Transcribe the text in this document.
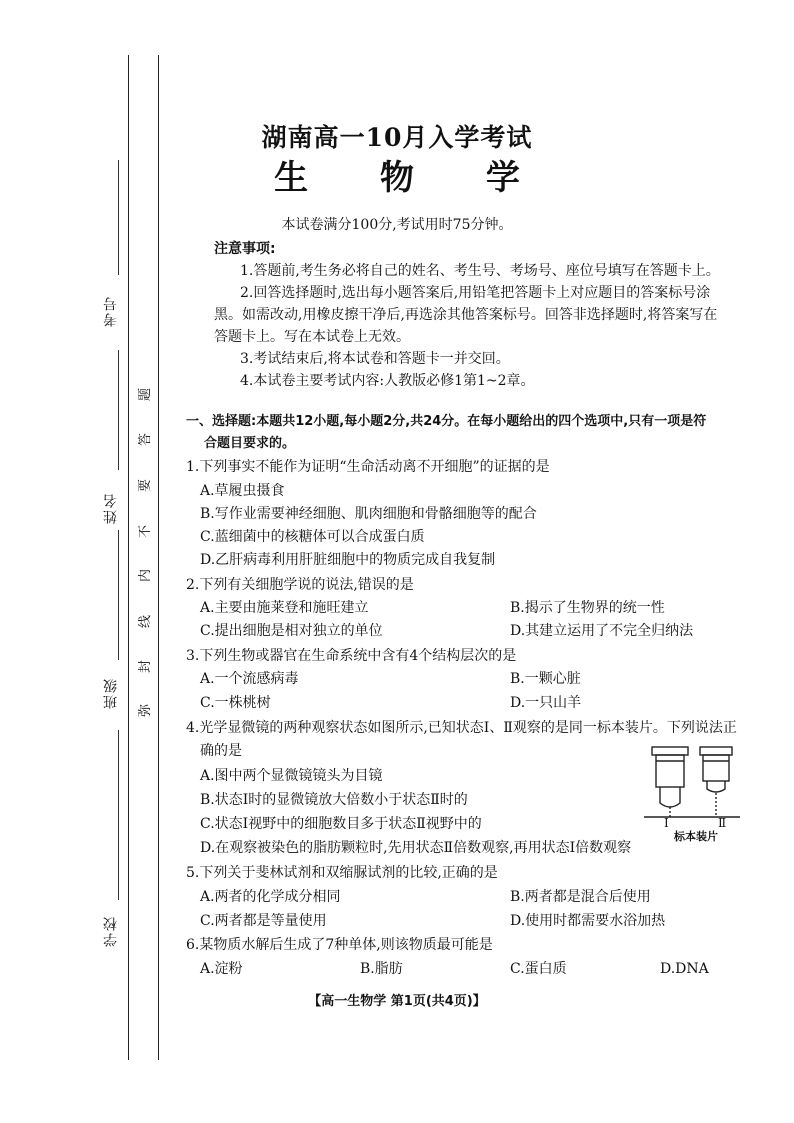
考号
姓名
班级
学校
题
答
要
不
内
线
封
弥
湖南高一10月入学考试
生 物 学
本试卷满分100分,考试用时75分钟。
注意事项:
1.答题前,考生务必将自己的姓名、考生号、考场号、座位号填写在答题卡上。
2.回答选择题时,选出每小题答案后,用铅笔把答题卡上对应题目的答案标号涂
黑。如需改动,用橡皮擦干净后,再选涂其他答案标号。回答非选择题时,将答案写在
答题卡上。写在本试卷上无效。
3.考试结束后,将本试卷和答题卡一并交回。
4.本试卷主要考试内容:人教版必修1第1~2章。
一、选择题:本题共12小题,每小题2分,共24分。在每小题给出的四个选项中,只有一项是符
合题目要求的。
1.下列事实不能作为证明“生命活动离不开细胞”的证据的是
A.草履虫摄食
B.写作业需要神经细胞、肌肉细胞和骨骼细胞等的配合
C.蓝细菌中的核糖体可以合成蛋白质
D.乙肝病毒利用肝脏细胞中的物质完成自我复制
2.下列有关细胞学说的说法,错误的是
A.主要由施莱登和施旺建立	B.揭示了生物界的统一性
C.提出细胞是相对独立的单位	D.其建立运用了不完全归纳法
3.下列生物或器官在生命系统中含有4个结构层次的是
A.一个流感病毒	B.一颗心脏
C.一株桃树	D.一只山羊
4.光学显微镜的两种观察状态如图所示,已知状态Ⅰ、Ⅱ观察的是同一标本装片。下列说法正
确的是
A.图中两个显微镜镜头为目镜
B.状态Ⅰ时的显微镜放大倍数小于状态Ⅱ时的
C.状态Ⅰ视野中的细胞数目多于状态Ⅱ视野中的
D.在观察被染色的脂肪颗粒时,先用状态Ⅱ倍数观察,再用状态Ⅰ倍数观察
Ⅰ	Ⅱ
标本装片
5.下列关于斐林试剂和双缩脲试剂的比较,正确的是
A.两者的化学成分相同	B.两者都是混合后使用
C.两者都是等量使用	D.使用时都需要水浴加热
6.某物质水解后生成了7种单体,则该物质最可能是
A.淀粉	B.脂肪	C.蛋白质	D.DNA
【高一生物学 第1页(共4页)】
